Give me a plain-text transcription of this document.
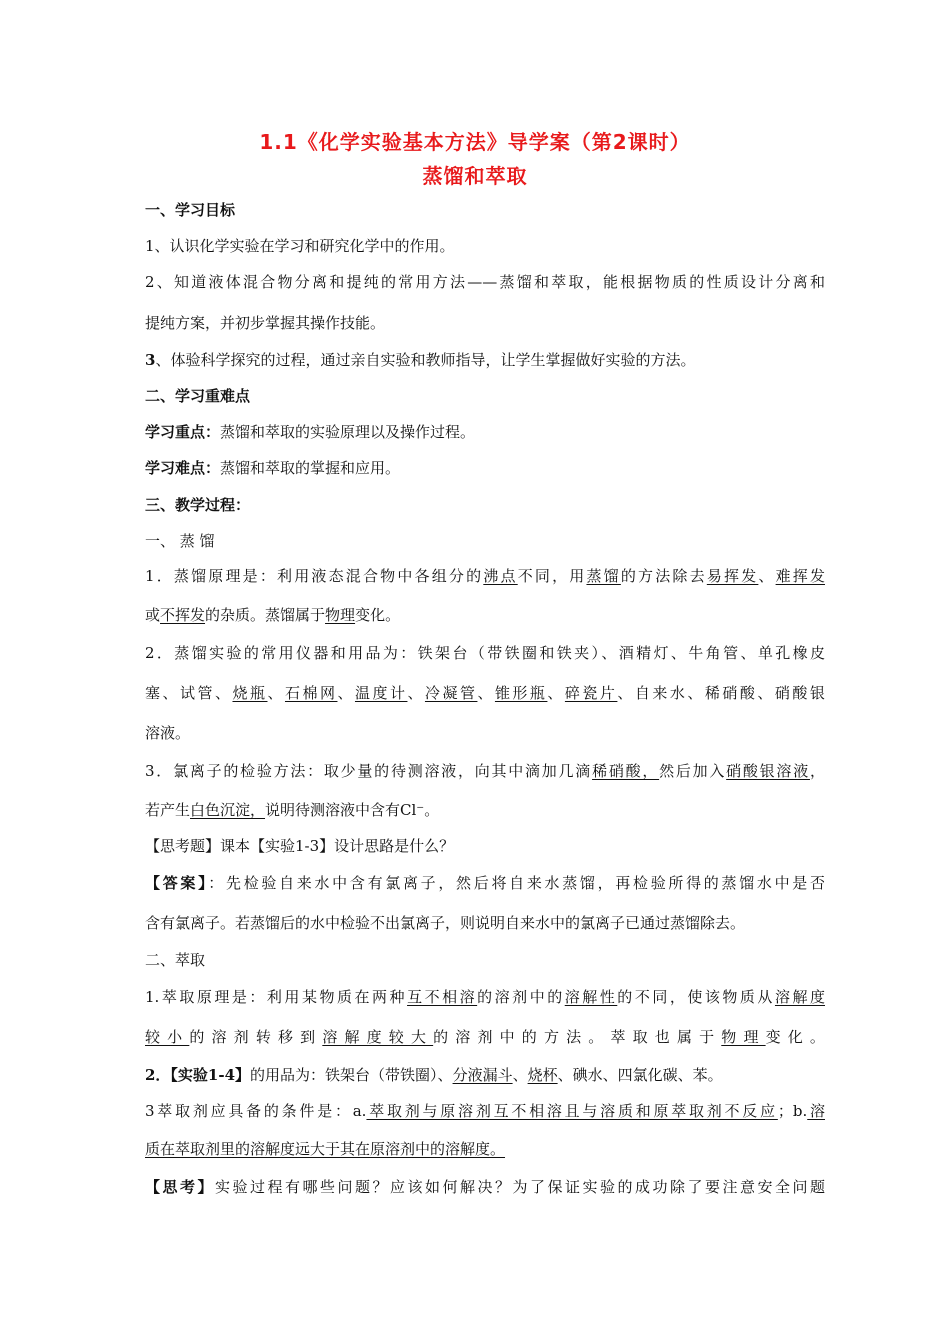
1.1《化学实验基本方法》导学案（第2课时）
蒸馏和萃取
一、学习目标
1、认识化学实验在学习和研究化学中的作用。
2、知道液体混合物分离和提纯的常用方法——蒸馏和萃取，能根据物质的性质设计分离和
提纯方案，并初步掌握其操作技能。
3、体验科学探究的过程，通过亲自实验和教师指导，让学生掌握做好实验的方法。
二、学习重难点
学习重点：蒸馏和萃取的实验原理以及操作过程。
学习难点：蒸馏和萃取的掌握和应用。
三、教学过程：
一、 蒸 馏
1．蒸馏原理是：利用液态混合物中各组分的沸点不同，用蒸馏的方法除去易挥发、难挥发
或不挥发的杂质。蒸馏属于物理变化。
2．蒸馏实验的常用仪器和用品为：铁架台（带铁圈和铁夹）、酒精灯、牛角管、单孔橡皮
塞、试管、烧瓶、石棉网、温度计、冷凝管、锥形瓶、碎瓷片、自来水、稀硝酸、硝酸银
溶液。
3．氯离子的检验方法：取少量的待测溶液，向其中滴加几滴稀硝酸，然后加入硝酸银溶液，
若产生白色沉淀，说明待测溶液中含有Cl⁻。
【思考题】课本【实验1-3】设计思路是什么？
【答案】：先检验自来水中含有氯离子，然后将自来水蒸馏，再检验所得的蒸馏水中是否
含有氯离子。若蒸馏后的水中检验不出氯离子，则说明自来水中的氯离子已通过蒸馏除去。
二、萃取
1.萃取原理是：利用某物质在两种互不相溶的溶剂中的溶解性的不同，使该物质从溶解度
较小的溶剂转移到溶解度较大的溶剂中的方法。萃取也属于物理变化。
2．【实验1-4】的用品为：铁架台（带铁圈）、分液漏斗、烧杯、碘水、四氯化碳、苯。
3萃取剂应具备的条件是：a.萃取剂与原溶剂互不相溶且与溶质和原萃取剂不反应；b.溶
质在萃取剂里的溶解度远大于其在原溶剂中的溶解度。
【思考】实验过程有哪些问题？应该如何解决？为了保证实验的成功除了要注意安全问题
